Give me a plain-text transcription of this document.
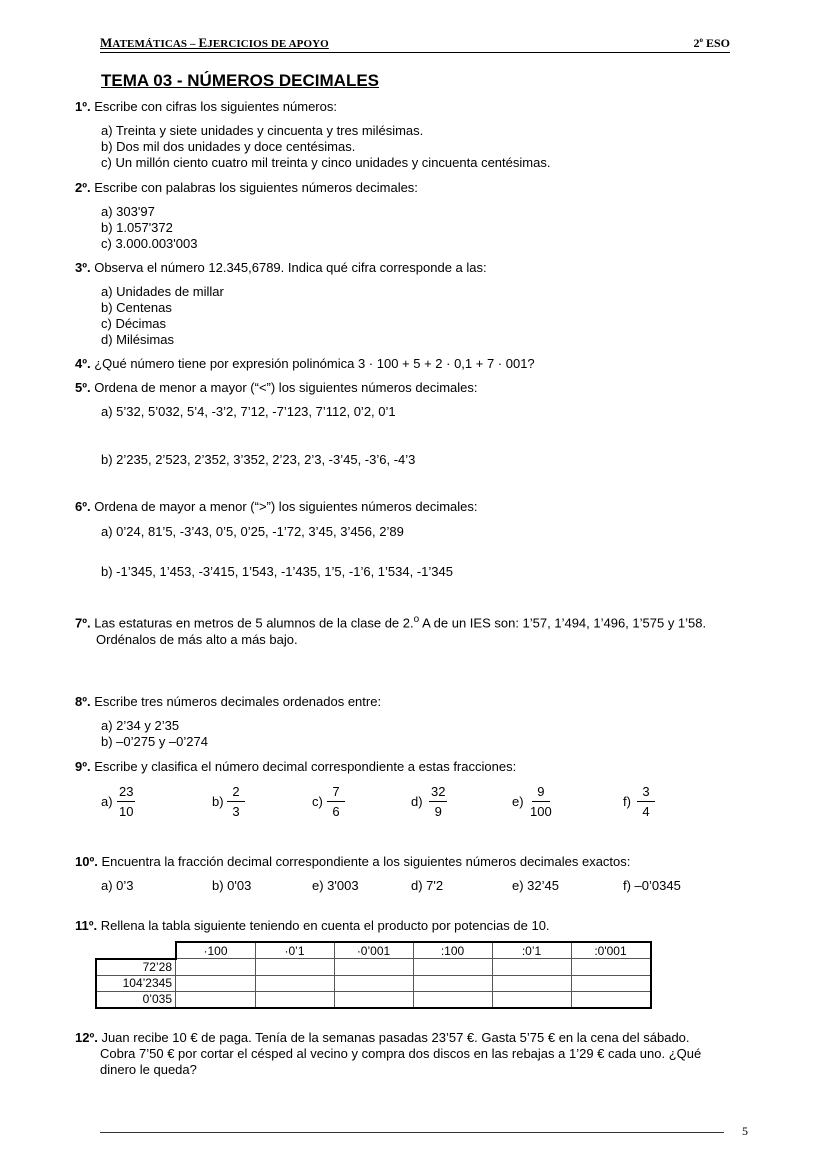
MATEMÁTICAS – EJERCICIOS DE APOYO	2$^o$ ESO
TEMA 03 - NÚMEROS DECIMALES
1º. Escribe con cifras los siguientes números:
a) Treinta y siete unidades y cincuenta y tres milésimas.
b) Dos mil dos unidades y doce centésimas.
c) Un millón ciento cuatro mil treinta y cinco unidades y cincuenta centésimas.
2º. Escribe con palabras los siguientes números decimales:
a) 303'97
b) 1.057'372
c) 3.000.003'003
3º. Observa el número 12.345,6789. Indica qué cifra corresponde a las:
a) Unidades de millar
b) Centenas
c) Décimas
d) Milésimas
4º. ¿Qué número tiene por expresión polinómica 3 · 100 + 5 + 2 · 0,1 + 7 · 001?
5º. Ordena de menor a mayor (“<”) los siguientes números decimales:
a) 5’32, 5’032, 5’4, -3’2, 7’12, -7’123, 7’112, 0’2, 0’1
b) 2’235, 2’523, 2’352, 3’352, 2’23, 2’3, -3’45, -3’6, -4’3
6º. Ordena de mayor a menor (“>”) los siguientes números decimales:
a) 0’24, 81’5, -3’43, 0’5, 0’25, -1’72, 3’45, 3’456, 2’89
b) -1’345, 1’453, -3’415, 1’543, -1’435, 1’5, -1’6, 1’534, -1’345
7º. Las estaturas en metros de 5 alumnos de la clase de 2.$^o$ A de un IES son: 1’57, 1’494, 1’496, 1’575 y 1’58.
Ordénalos de más alto a más bajo.
8º. Escribe tres números decimales ordenados entre:
a) 2’34 y 2’35
b) –0’275 y –0’274
9º. Escribe y clasifica el número decimal correspondiente a estas fracciones:
$a) \frac{23}{10}$	$b) \frac{2}{3}$	$c) \frac{7}{6}$	$d) \frac{32}{9}$	$e) \frac{9}{100}$	$f) \frac{3}{4}$
10º. Encuentra la fracción decimal correspondiente a los siguientes números decimales exactos:
a) 0’3	b) 0'03	e) 3'003	d) 7'2	e) 32’45	f) –0’0345
11º. Rellena la tabla siguiente teniendo en cuenta el producto por potencias de 10.
	·100	·0’1	·0’001	:100	:0’1	:0'001
72’28						
104’2345						
0’035						
12º. Juan recibe 10 € de paga. Tenía de la semanas pasadas 23’57 €. Gasta 5’75 € en la cena del sábado.
Cobra 7’50 € por cortar el césped al vecino y compra dos discos en las rebajas a 1’29 € cada uno. ¿Qué
dinero le queda?
5
